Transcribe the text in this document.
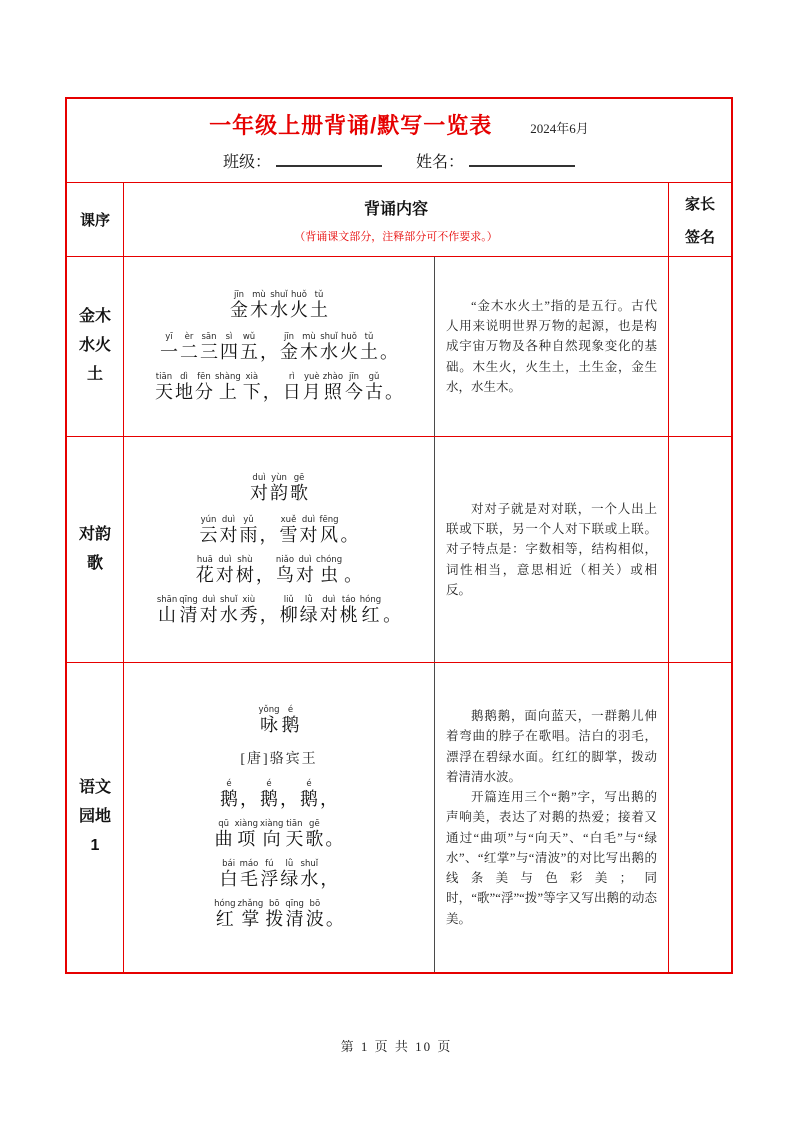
一年级上册背诵/默写一览表	2024年6月
班级：	姓名：
课序
背诵内容
（背诵课文部分，注释部分可不作要求。）
家长
签名
金木
水火
土
金jīn木mù水shuǐ火huǒ土tǔ
一yī二èr三sān四sì五wǔ， 金jīn木mù水shuǐ火huǒ土tǔ。
天tiān地dì分fēn上shàng下xià， 日rì月yuè照zhào今jīn古gǔ。

“金木水火土”指的是五行。古代人用来说明世界万物的起源，也是构成宇宙万物及各种自然现象变化的基础。木生火，火生土，土生金，金生水，水生木。

对韵
歌
对duì韵yùn歌gē
云yún对duì雨yǔ， 雪xuě对duì风fēng。
花huā对duì树shù， 鸟niǎo对duì虫chóng。
山shān清qīng对duì水shuǐ秀xiù， 柳liǔ绿lǜ对duì桃táo红hóng。

对对子就是对对联，一个人出上联或下联，另一个人对下联或上联。对子特点是：字数相等，结构相似，词性相当，意思相近（相关）或相反。

语文
园地
1
咏yǒng鹅é
[唐]骆宾王
鹅é， 鹅é， 鹅é，
曲qū项xiàng向xiàng天tiān歌gē。
白bái毛máo浮fú绿lǜ水shuǐ，
红hóng掌zhǎng拨bō清qīng波bō。

鹅鹅鹅，面向蓝天，一群鹅儿伸着弯曲的脖子在歌唱。洁白的羽毛，漂浮在碧绿水面。红红的脚掌，拨动着清清水波。

开篇连用三个“鹅”字，写出鹅的声响美，表达了对鹅的热爱；接着又通过“曲项”与“向天”、“白毛”与“绿水”、“红掌”与“清波”的对比写出鹅的线条美与色彩美；同时，“歌”“浮”“拨”等字又写出鹅的动态美。

第 1 页 共 10 页
